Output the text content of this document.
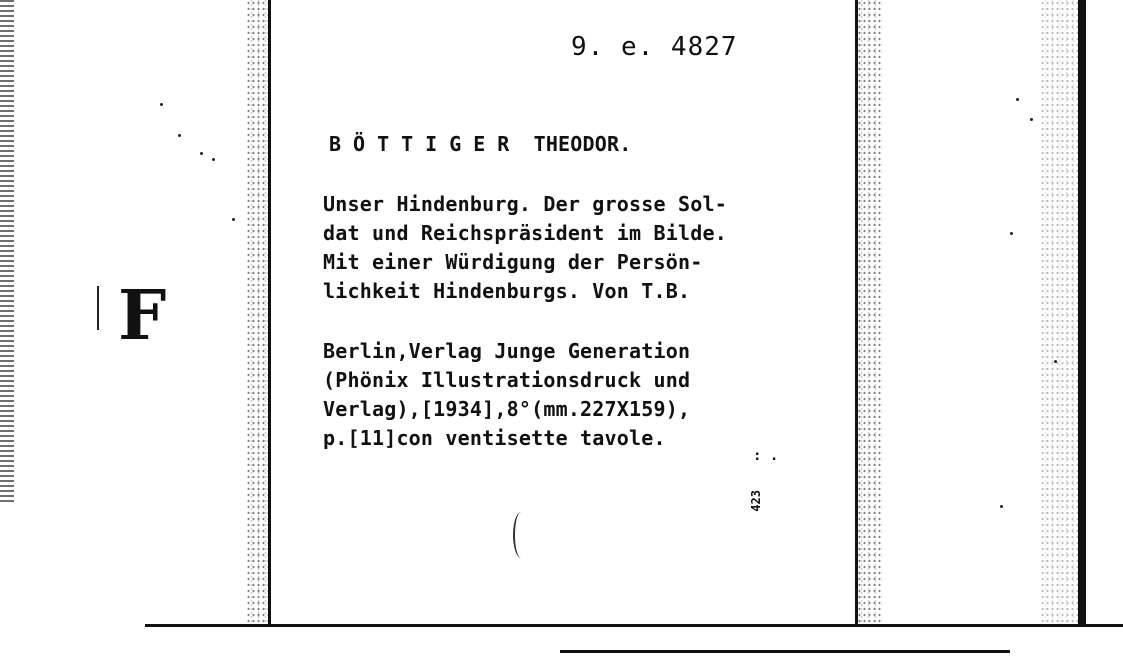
F
9. e. 4827
BÖTTIGER THEODOR.
Unser Hindenburg. Der grosse Sol-
dat und Reichspräsident im Bilde.
Mit einer Würdigung der Persön-
lichkeit Hindenburgs. Von T.B.
Berlin,Verlag Junge Generation
(Phönix Illustrationsdruck und
Verlag),[1934],8°(mm.227X159),
p.[11]con ventisette tavole.
: .
423
